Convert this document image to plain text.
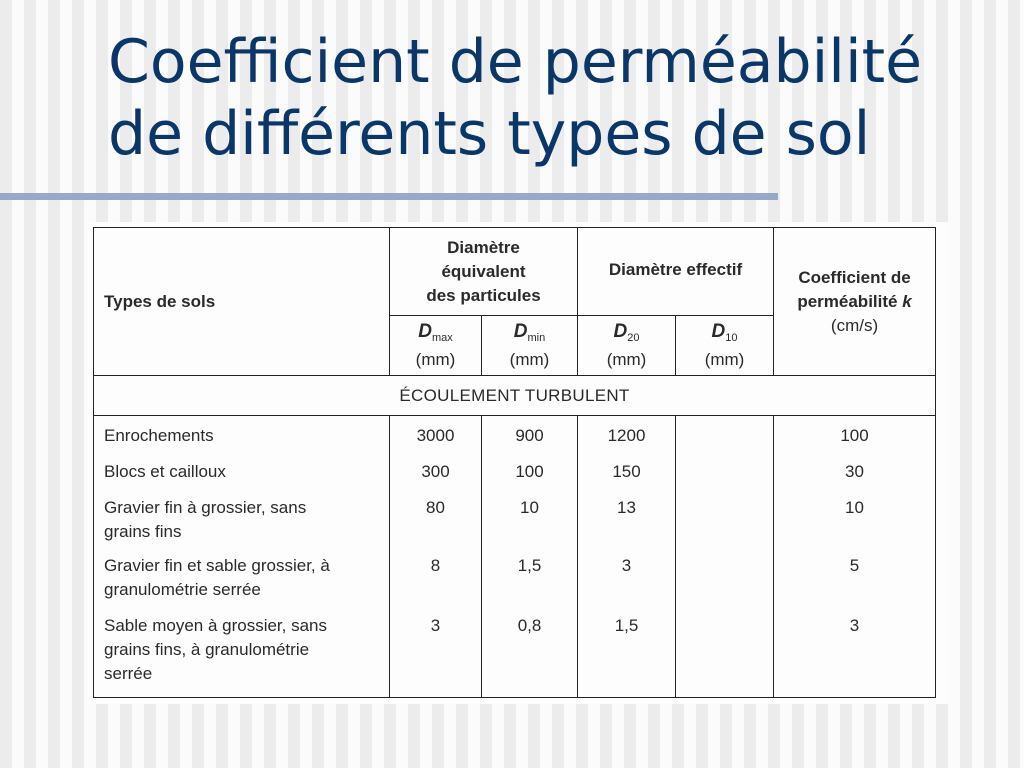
Coefficient de perméabilité
de différents types de sol
Types de sols	Diamètre
équivalent
des particules		Diamètre effectif		Coefficient de
perméabilité k
(cm/s)
	$D_{max}$
(mm)	$D_{min}$
(mm)	$D_{20}$
(mm)	$D_{10}$
(mm)	
ÉCOULEMENT TURBULENT					
Enrochements	3000	900	1200		100
Blocs et cailloux	300	100	150		30
Gravier fin à grossier, sans
grains fins	80	10	13		10
Gravier fin et sable grossier, à
granulométrie serrée	8	1,5	3		5
Sable moyen à grossier, sans
grains fins, à granulométrie
serrée	3	0,8	1,5		3
